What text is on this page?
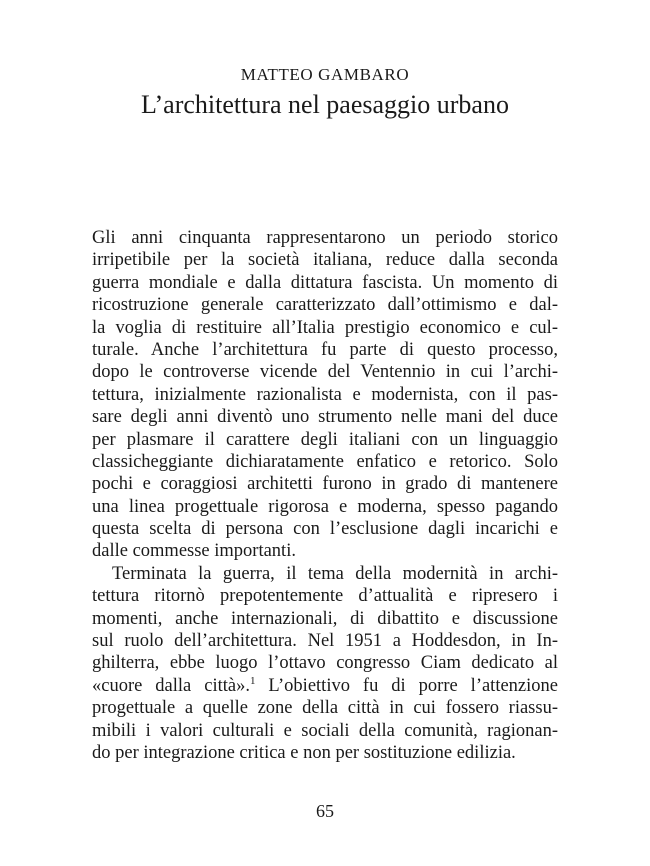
MATTEO GAMBARO
L’architettura nel paesaggio urbano
Gli anni cinquanta rappresentarono un periodo storico
irripetibile per la società italiana, reduce dalla seconda
guerra mondiale e dalla dittatura fascista. Un momento di
ricostruzione generale caratterizzato dall’ottimismo e dal-
la voglia di restituire all’Italia prestigio economico e cul-
turale. Anche l’architettura fu parte di questo processo,
dopo le controverse vicende del Ventennio in cui l’archi-
tettura, inizialmente razionalista e modernista, con il pas-
sare degli anni diventò uno strumento nelle mani del duce
per plasmare il carattere degli italiani con un linguaggio
classicheggiante dichiaratamente enfatico e retorico. Solo
pochi e coraggiosi architetti furono in grado di mantenere
una linea progettuale rigorosa e moderna, spesso pagando
questa scelta di persona con l’esclusione dagli incarichi e
dalle commesse importanti.
Terminata la guerra, il tema della modernità in archi-
tettura ritornò prepotentemente d’attualità e ripresero i
momenti, anche internazionali, di dibattito e discussione
sul ruolo dell’architettura. Nel 1951 a Hoddesdon, in In-
ghilterra, ebbe luogo l’ottavo congresso Ciam dedicato al
«cuore dalla città».$^1$ L’obiettivo fu di porre l’attenzione
progettuale a quelle zone della città in cui fossero riassu-
mibili i valori culturali e sociali della comunità, ragionan-
do per integrazione critica e non per sostituzione edilizia.
65
